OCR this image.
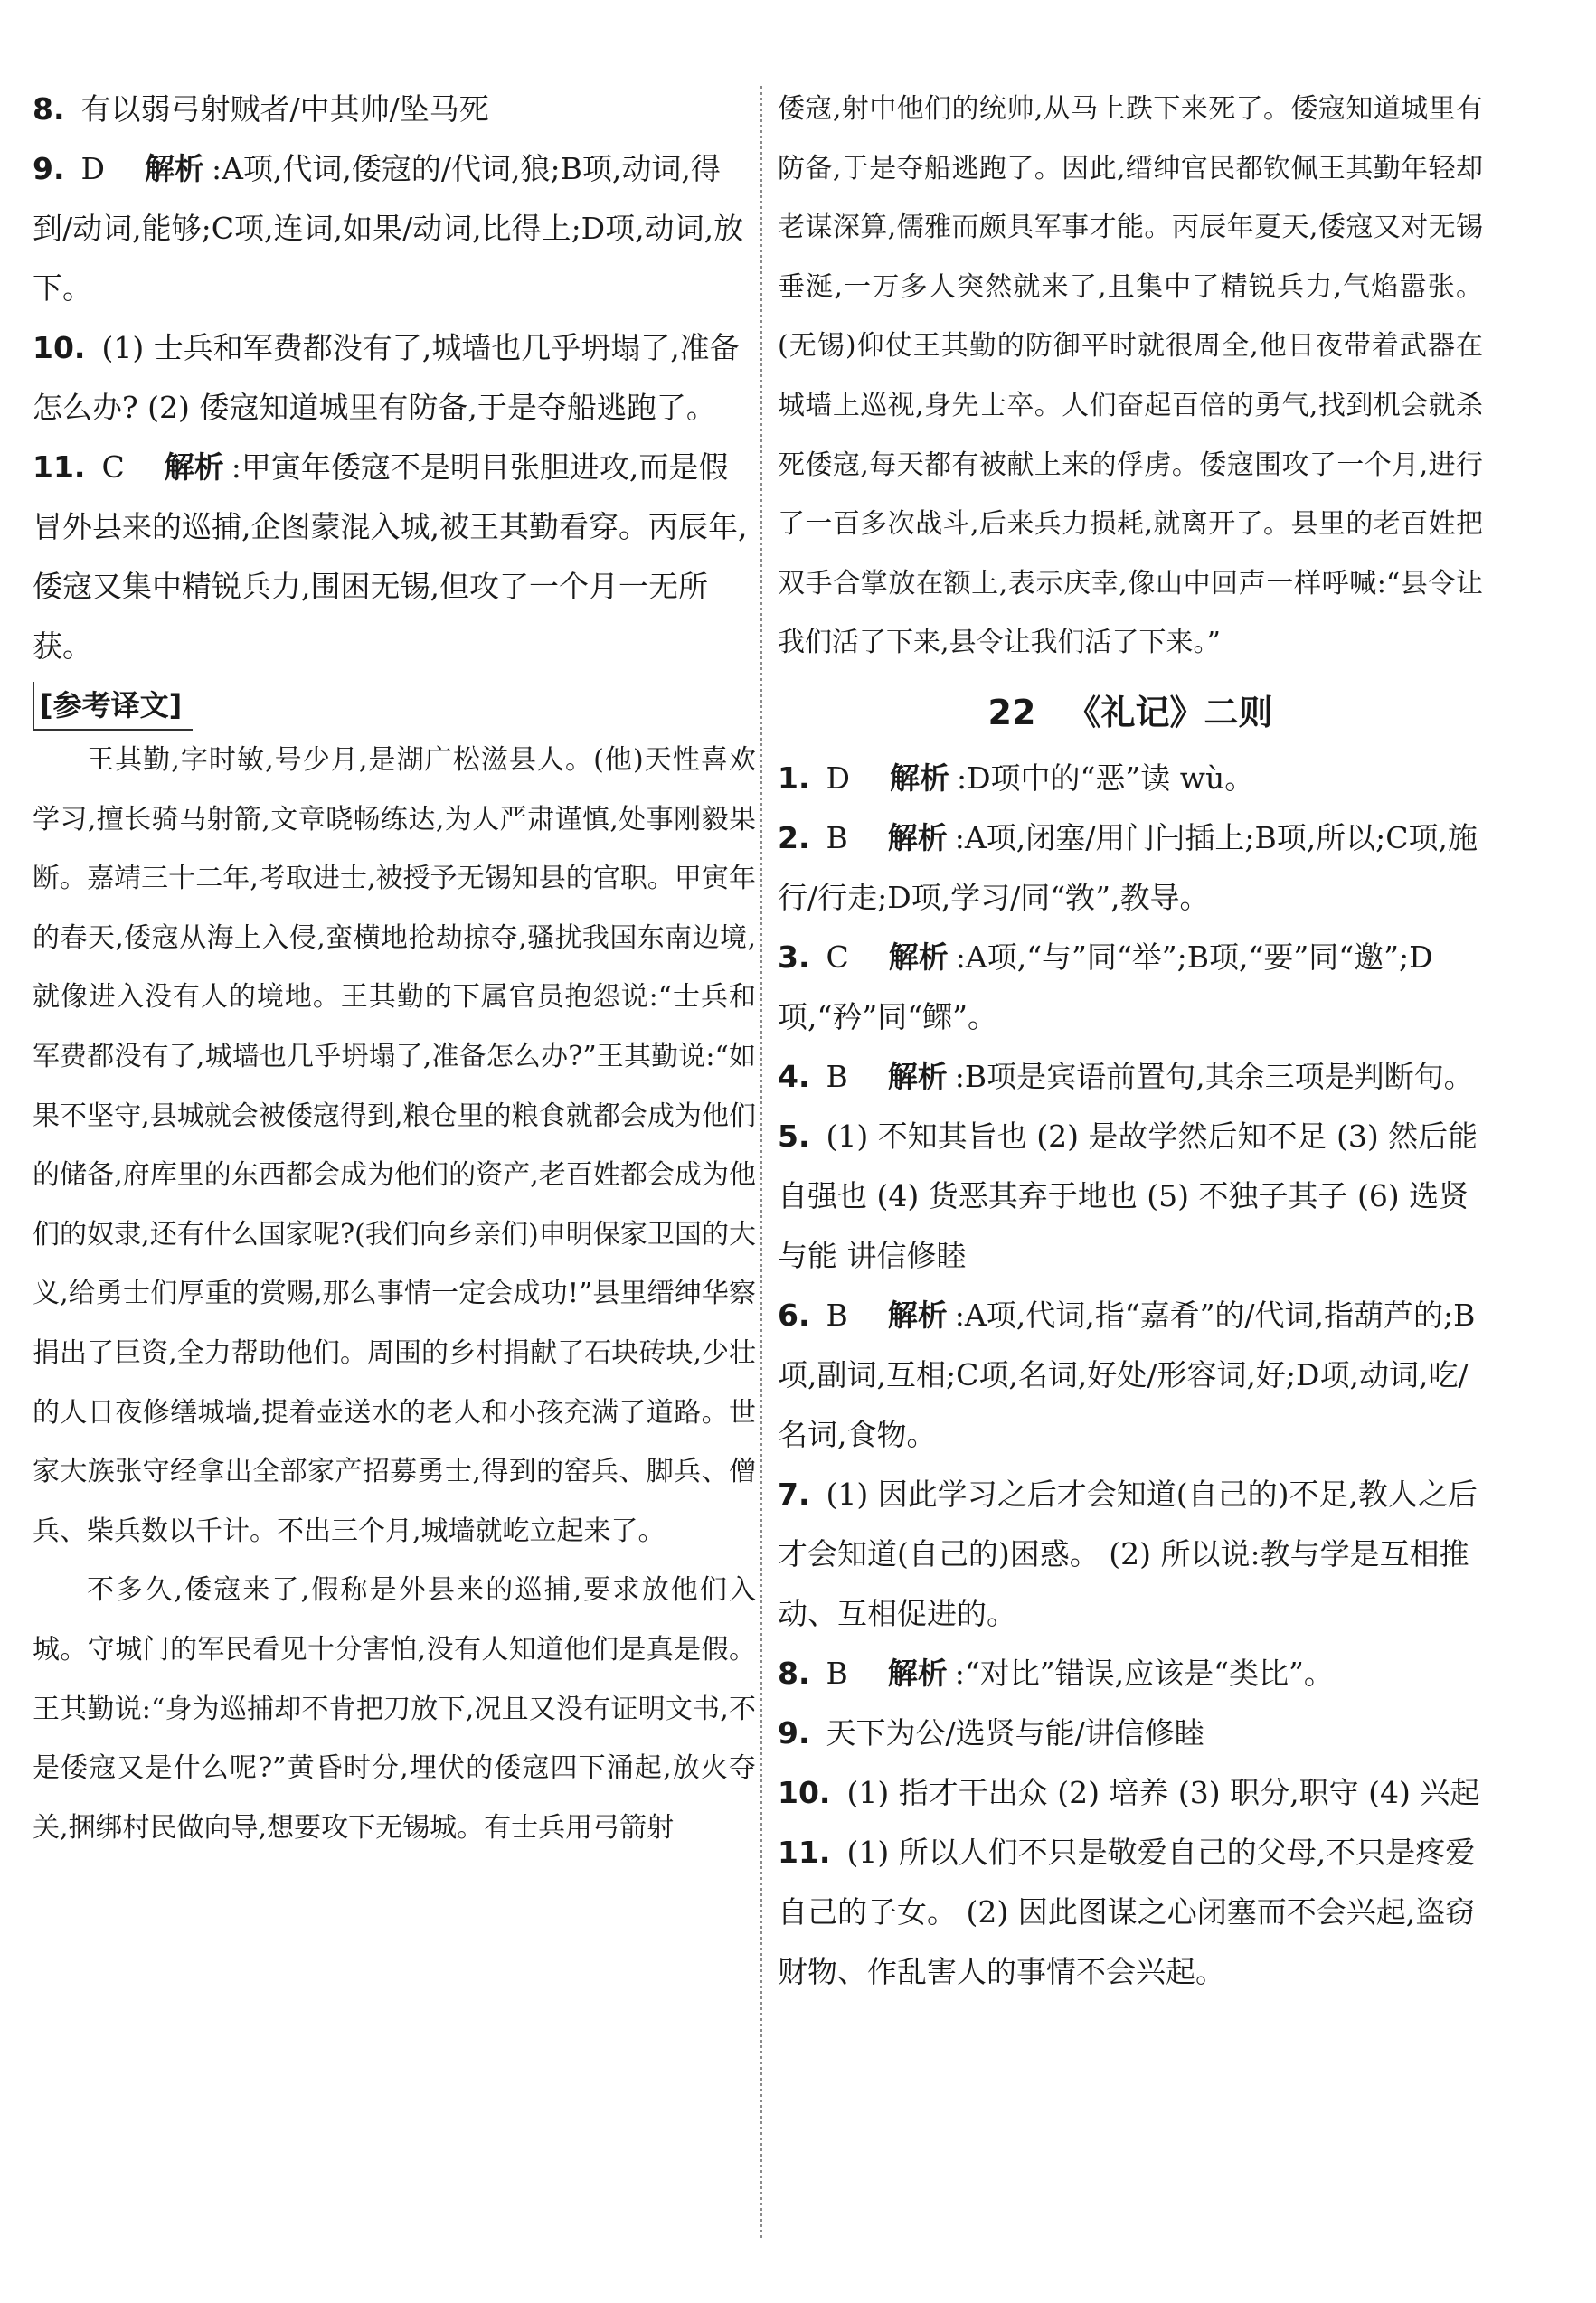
8. 有以弱弓射贼者/中其帅/坠马死

9. D 解析 :A项,代词,倭寇的/代词,狼;B项,动词,得到/动词,能够;C项,连词,如果/动词,比得上;D项,动词,放下。

10. (1) 士兵和军费都没有了,城墙也几乎坍塌了,准备怎么办? (2) 倭寇知道城里有防备,于是夺船逃跑了。

11. C 解析 :甲寅年倭寇不是明目张胆进攻,而是假冒外县来的巡捕,企图蒙混入城,被王其勤看穿。丙辰年,倭寇又集中精锐兵力,围困无锡,但攻了一个月一无所获。

[参考译文]

王其勤,字时敏,号少月,是湖广松滋县人。(他)天性喜欢学习,擅长骑马射箭,文章晓畅练达,为人严肃谨慎,处事刚毅果断。嘉靖三十二年,考取进士,被授予无锡知县的官职。甲寅年的春天,倭寇从海上入侵,蛮横地抢劫掠夺,骚扰我国东南边境,就像进入没有人的境地。王其勤的下属官员抱怨说:“士兵和军费都没有了,城墙也几乎坍塌了,准备怎么办?”王其勤说:“如果不坚守,县城就会被倭寇得到,粮仓里的粮食就都会成为他们的储备,府库里的东西都会成为他们的资产,老百姓都会成为他们的奴隶,还有什么国家呢?(我们向乡亲们)申明保家卫国的大义,给勇士们厚重的赏赐,那么事情一定会成功!”县里缙绅华察捐出了巨资,全力帮助他们。周围的乡村捐献了石块砖块,少壮的人日夜修缮城墙,提着壶送水的老人和小孩充满了道路。世家大族张守经拿出全部家产招募勇士,得到的窑兵、脚兵、僧兵、柴兵数以千计。不出三个月,城墙就屹立起来了。

不多久,倭寇来了,假称是外县来的巡捕,要求放他们入城。守城门的军民看见十分害怕,没有人知道他们是真是假。王其勤说:“身为巡捕却不肯把刀放下,况且又没有证明文书,不是倭寇又是什么呢?”黄昏时分,埋伏的倭寇四下涌起,放火夺关,捆绑村民做向导,想要攻下无锡城。有士兵用弓箭射

倭寇,射中他们的统帅,从马上跌下来死了。倭寇知道城里有防备,于是夺船逃跑了。因此,缙绅官民都钦佩王其勤年轻却老谋深算,儒雅而颇具军事才能。丙辰年夏天,倭寇又对无锡垂涎,一万多人突然就来了,且集中了精锐兵力,气焰嚣张。(无锡)仰仗王其勤的防御平时就很周全,他日夜带着武器在城墙上巡视,身先士卒。人们奋起百倍的勇气,找到机会就杀死倭寇,每天都有被献上来的俘虏。倭寇围攻了一个月,进行了一百多次战斗,后来兵力损耗,就离开了。县里的老百姓把双手合掌放在额上,表示庆幸,像山中回声一样呼喊:“县令让我们活了下来,县令让我们活了下来。”

22 《礼记》二则

1. D 解析 :D项中的“恶”读 wù。

2. B 解析 :A项,闭塞/用门闩插上;B项,所以;C项,施行/行走;D项,学习/同“敩”,教导。

3. C 解析 :A项,“与”同“举”;B项,“要”同“邀”;D项,“矜”同“鳏”。

4. B 解析 :B项是宾语前置句,其余三项是判断句。

5. (1) 不知其旨也 (2) 是故学然后知不足 (3) 然后能自强也 (4) 货恶其弃于地也 (5) 不独子其子 (6) 选贤与能 讲信修睦

6. B 解析 :A项,代词,指“嘉肴”的/代词,指葫芦的;B项,副词,互相;C项,名词,好处/形容词,好;D项,动词,吃/名词,食物。

7. (1) 因此学习之后才会知道(自己的)不足,教人之后才会知道(自己的)困惑。 (2) 所以说:教与学是互相推动、互相促进的。

8. B 解析 :“对比”错误,应该是“类比”。

9. 天下为公/选贤与能/讲信修睦

10. (1) 指才干出众 (2) 培养 (3) 职分,职守 (4) 兴起

11. (1) 所以人们不只是敬爱自己的父母,不只是疼爱自己的子女。 (2) 因此图谋之心闭塞而不会兴起,盗窃财物、作乱害人的事情不会兴起。
